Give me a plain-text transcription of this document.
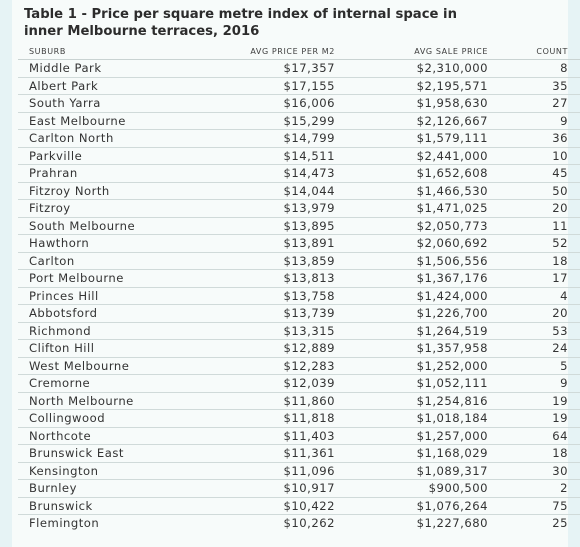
Table 1 - Price per square metre index of internal space in
inner Melbourne terraces, 2016
SUBURB	AVG PRICE PER M2	AVG SALE PRICE	COUNT
Middle Park	$17,357	$2,310,000	8
Albert Park	$17,155	$2,195,571	35
South Yarra	$16,006	$1,958,630	27
East Melbourne	$15,299	$2,126,667	9
Carlton North	$14,799	$1,579,111	36
Parkville	$14,511	$2,441,000	10
Prahran	$14,473	$1,652,608	45
Fitzroy North	$14,044	$1,466,530	50
Fitzroy	$13,979	$1,471,025	20
South Melbourne	$13,895	$2,050,773	11
Hawthorn	$13,891	$2,060,692	52
Carlton	$13,859	$1,506,556	18
Port Melbourne	$13,813	$1,367,176	17
Princes Hill	$13,758	$1,424,000	4
Abbotsford	$13,739	$1,226,700	20
Richmond	$13,315	$1,264,519	53
Clifton Hill	$12,889	$1,357,958	24
West Melbourne	$12,283	$1,252,000	5
Cremorne	$12,039	$1,052,111	9
North Melbourne	$11,860	$1,254,816	19
Collingwood	$11,818	$1,018,184	19
Northcote	$11,403	$1,257,000	64
Brunswick East	$11,361	$1,168,029	18
Kensington	$11,096	$1,089,317	30
Burnley	$10,917	$900,500	2
Brunswick	$10,422	$1,076,264	75
Flemington	$10,262	$1,227,680	25
